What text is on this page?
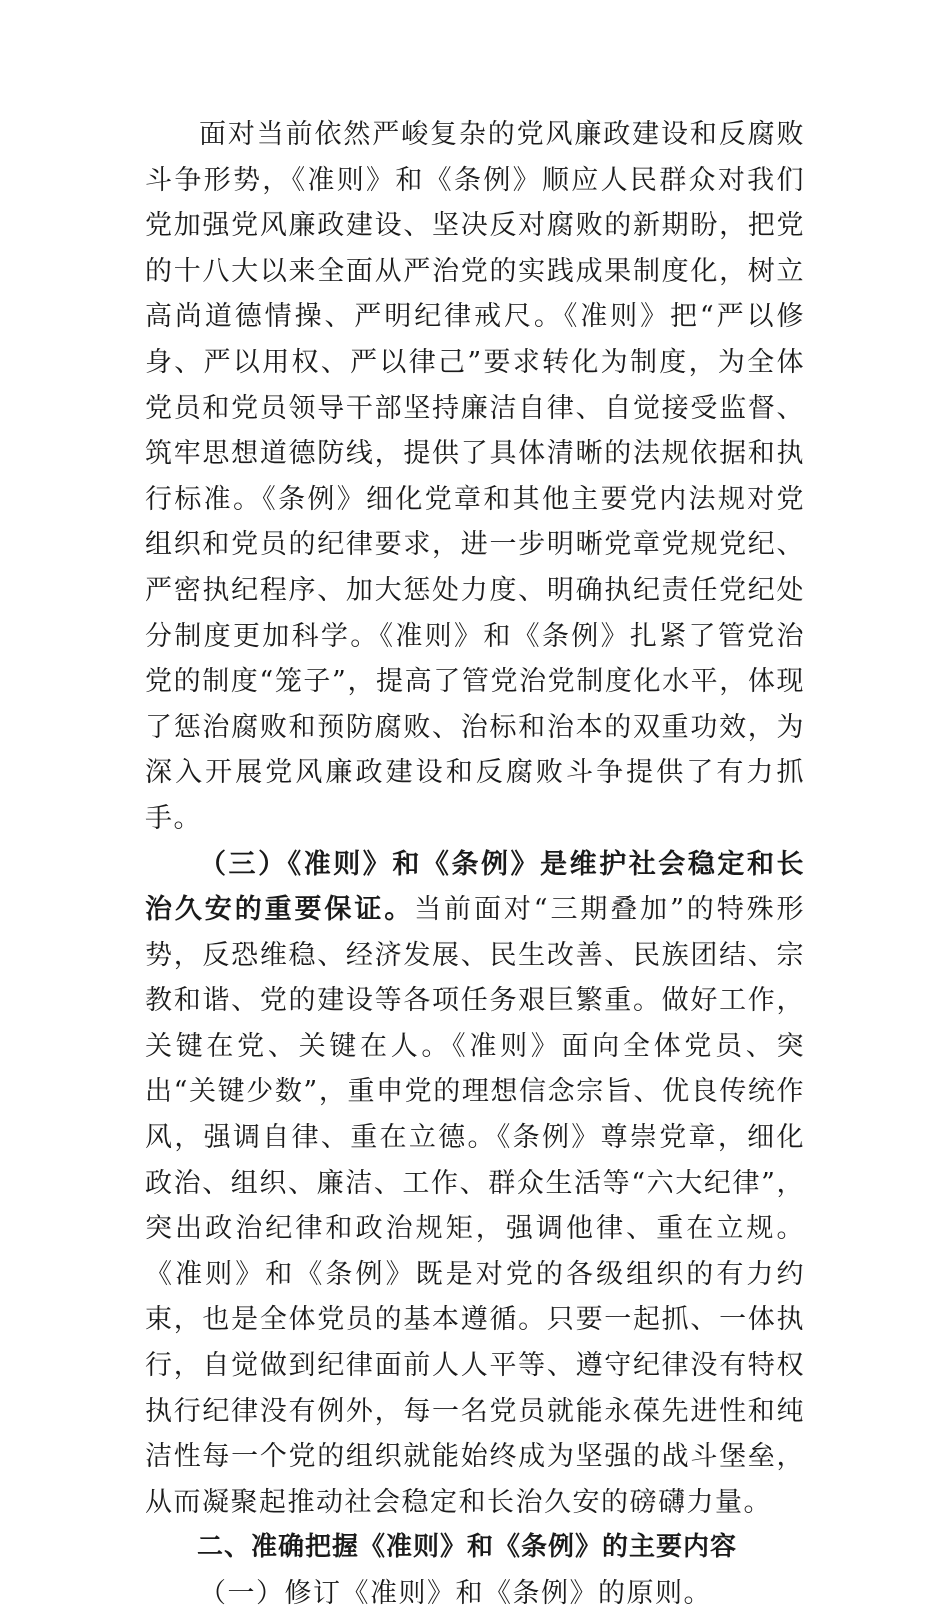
面对当前依然严峻复杂的党风廉政建设和反腐败斗争形势，《准则》和《条例》顺应人民群众对我们党加强党风廉政建设、坚决反对腐败的新期盼，把党的十八大以来全面从严治党的实践成果制度化，树立高尚道德情操、严明纪律戒尺。《准则》把“严以修身、严以用权、严以律己”要求转化为制度，为全体党员和党员领导干部坚持廉洁自律、自觉接受监督、筑牢思想道德防线，提供了具体清晰的法规依据和执行标准。《条例》细化党章和其他主要党内法规对党组织和党员的纪律要求，进一步明晰党章党规党纪、严密执纪程序、加大惩处力度、明确执纪责任党纪处分制度更加科学。《准则》和《条例》扎紧了管党治党的制度“笼子”，提高了管党治党制度化水平，体现了惩治腐败和预防腐败、治标和治本的双重功效，为深入开展党风廉政建设和反腐败斗争提供了有力抓手。

（三）《准则》和《条例》是维护社会稳定和长治久安的重要保证。当前面对“三期叠加”的特殊形势，反恐维稳、经济发展、民生改善、民族团结、宗教和谐、党的建设等各项任务艰巨繁重。做好工作，关键在党、关键在人。《准则》面向全体党员、突出“关键少数”，重申党的理想信念宗旨、优良传统作风，强调自律、重在立德。《条例》尊崇党章，细化政治、组织、廉洁、工作、群众生活等“六大纪律”，突出政治纪律和政治规矩，强调他律、重在立规。《准则》和《条例》既是对党的各级组织的有力约束，也是全体党员的基本遵循。只要一起抓、一体执行，自觉做到纪律面前人人平等、遵守纪律没有特权执行纪律没有例外，每一名党员就能永葆先进性和纯洁性每一个党的组织就能始终成为坚强的战斗堡垒，从而凝聚起推动社会稳定和长治久安的磅礴力量。

二、准确把握《准则》和《条例》的主要内容

（一）修订《准则》和《条例》的原则。
